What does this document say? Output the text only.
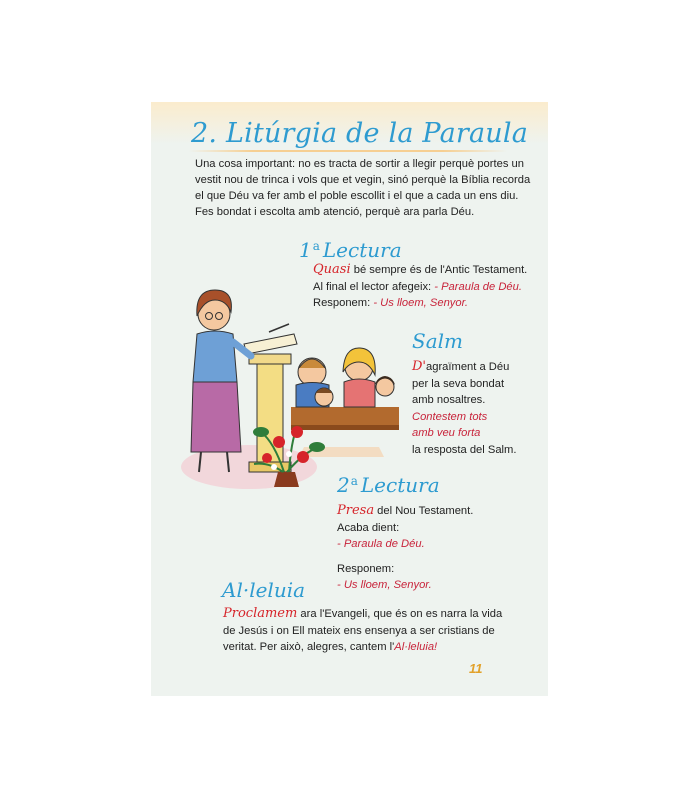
2. Litúrgia de la Paraula

Una cosa important: no es tracta de sortir a llegir perquè portes un vestit nou de trinca i vols que et vegin, sinó perquè la Bíblia recorda el que Déu va fer amb el poble escollit i el que a cada un ens diu. Fes bondat i escolta amb atenció, perquè ara parla Déu.

1$^a$ Lectura
Quasi bé sempre és de l'Antic Testament.
Al final el lector afegeix: - Paraula de Déu.
Responem: - Us lloem, Senyor.
Salm
D'agraïment a Déu
per la seva bondat
amb nosaltres.
Contestem tots
amb veu forta
la resposta del Salm.
2$^a$ Lectura
Presa del Nou Testament.
Acaba dient:
- Paraula de Déu.
Responem:
- Us lloem, Senyor.
Al·leluia
Proclamem ara l'Evangeli, que és on es narra la vida
de Jesús i on Ell mateix ens ensenya a ser cristians de
veritat. Per això, alegres, cantem l'Al·leluia!
11
